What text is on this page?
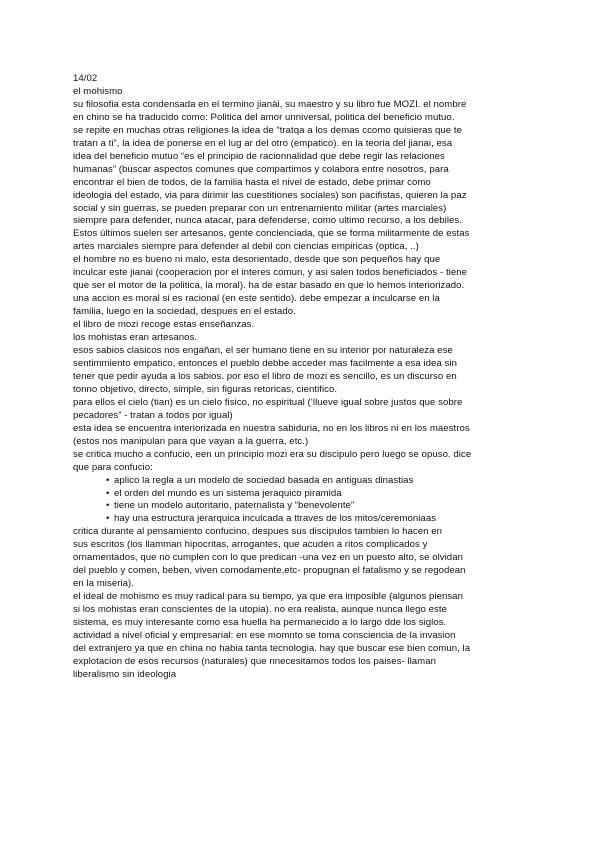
14/02

el mohismo

su filosofia esta condensada en el termino jianài, su maestro y su libro fue MOZI. el nombre

en chino se ha traducido como: Politica del amor unniversal, politica del beneficio mutuo.

se repite en muchas otras religiones la idea de “tratqa a los demas ccomo quisieras que te

tratan a ti”, la idea de ponerse en el lug ar del otro (empatico). en la teoria del jianai, esa

idea del beneficio mutuo “es el principio de racionnalidad que debe regir las relaciones

humanas” (buscar aspectos comunes que compartimos y colabora entre nosotros, para

encontrar el bien de todos, de la familia hasta el nivel de estado, debe primar como

ideologia del estado, via para dirimir las cuestitiones sociales) son pacifistas, quieren la paz

social y sin guerras, se pueden preparar con un entrenamiento militar (artes marciales)

siempre para defender, nunca atacar, para defenderse, como ultimo recurso, a los debiles.

Estos últimos suelen ser artesanos, gente concienciada, que se forma militarmente de estas

artes marciales siempre para defender al debil con ciencias empiricas (optica, ..)

el hombre no es bueno ni malo, esta desorientado, desde que son pequeños hay que

inculcar este jianai (cooperacion por el interes comun, y asi salen todos beneficiados - tiene

que ser el motor de la politica, la moral). ha de estar basado en que lo hemos interiorizado.

una accion es moral si es racional (en este sentido). debe empezar a inculcarse en la

familia, luego en la sociedad, despues en el estado.

el libro de mozi recoge estas enseñanzas.

los mohistas eran artesanos.

esos sabios clasicos nos engañan, el ser humano tiene en su interior por naturaleza ese

sentimmiento empatico, entonces el pueblo debbe acceder mas facilmente a esa idea sin

tener que pedir ayuda a los sabios. por eso el libro de mozi es sencillo, es un discurso en

tonno objetivo, directo, simple, sin figuras retoricas, cientifico.

para ellos el cielo (tian) es un cielo fisico, no espiritual (‘llueve igual sobre justos que sobre

pecadores” - tratan a todos por igual)

esta idea se encuentra interiorizada en nuestra sabiduria, no en los libros ni en los maestros

(estos nos manipulan para que vayan a la guerra, etc.)

se critica mucho a confucio, een un principio mozi era su discipulo pero luego se opuso. dice

que para confucio:

• aplico la regla a un modelo de sociedad basada en antiguas dinastias

• el orden del mundo es un sistema jeraquico piramida

• tiene un modelo autoritario, paternalista y “benevolente”

• hay una estructura jerarquica inculcada a ttraves de los mitos/ceremoniaas

critica durante al pensamiento confucino, despues sus discipulos tambien lo hacen en

sus escritos (los llamman hipocritas, arrogantes, que acuden a ritos complicados y

ornamentados, que no cumplen con lo que predican -una vez en un puesto alto, se olvidan

del pueblo y comen, beben, viven comodamente,etc- propugnan el fatalismo y se regodean

en la miseria).

el ideal de mohismo es muy radical para su tiempo, ya que era imposible (algunos piensan

si los mohistas eran conscientes de la utopia). no era realista, aunque nunca llego este

sistema, es muy interesante como esa huella ha permanecido a lo largo dde los siglos.

actividad a nivel oficial y empresarial: en ese momnto se toma consciencia de la invasion

del extranjero ya que en china no habia tanta tecnologia. hay que buscar ese bien comun, la

explotacion de esos recursos (naturales) que nnecesitamos todos los paises- llaman

liberalismo sin ideologia
